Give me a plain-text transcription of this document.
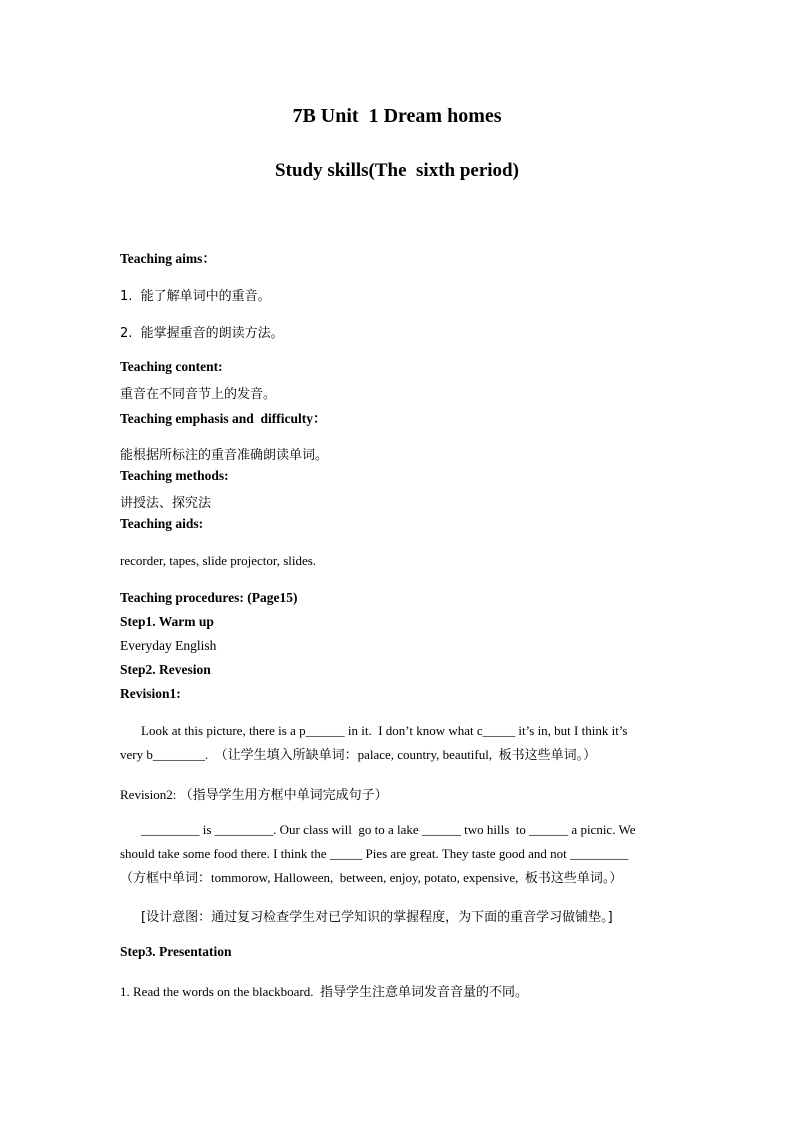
7B Unit  1 Dream homes
Study skills(The  sixth period)
Teaching aims：
1.  能了解单词中的重音。
2.  能掌握重音的朗读方法。
Teaching content:
重音在不同音节上的发音。
Teaching emphasis and  difficulty：
能根据所标注的重音准确朗读单词。
Teaching methods:
讲授法、探究法
Teaching aids:
recorder, tapes, slide projector, slides.
Teaching procedures: (Page15)
Step1. Warm up
Everyday English
Step2. Revesion
Revision1:
Look at this picture, there is a p______ in it.  I don’t know what c_____ it’s in, but I think it’s
very b________.  （让学生填入所缺单词：palace, country, beautiful,  板书这些单词。）
Revision2: （指导学生用方框中单词完成句子）
_________ is _________. Our class will  go to a lake ______ two hills  to ______ a picnic. We
should take some food there. I think the _____ Pies are great. They taste good and not _________
（方框中单词：tommorow, Halloween,  between, enjoy, potato, expensive,  板书这些单词。）
[设计意图：通过复习检查学生对已学知识的掌握程度，为下面的重音学习做铺垫。]
Step3. Presentation
1. Read the words on the blackboard.  指导学生注意单词发音音量的不同。
